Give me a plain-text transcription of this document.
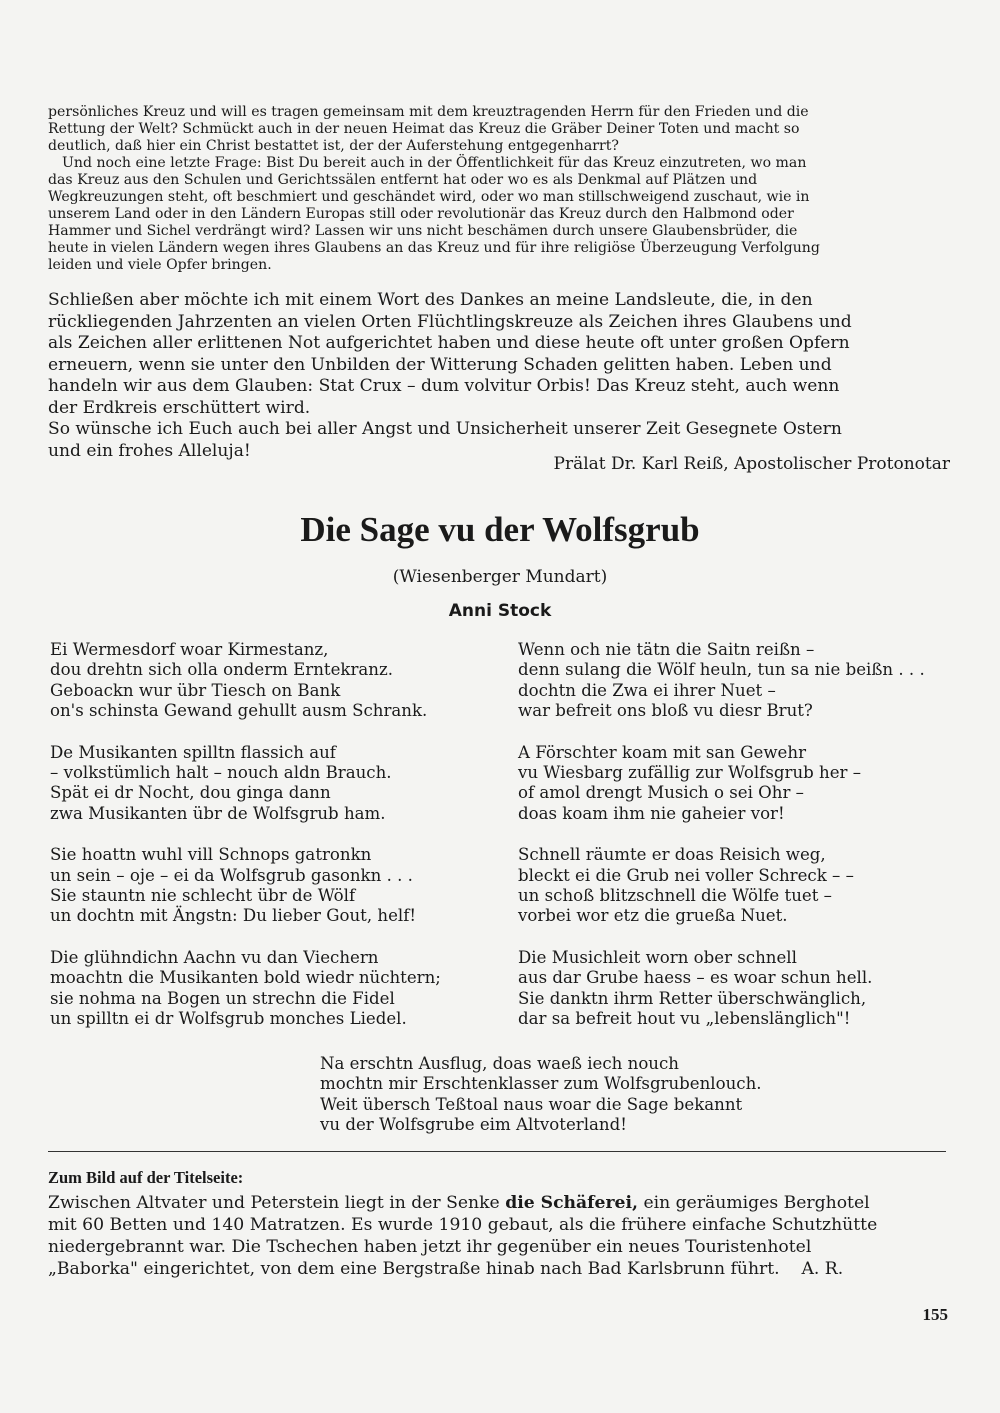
persönliches Kreuz und will es tragen gemeinsam mit dem kreuztragenden Herrn für den Frieden und die
Rettung der Welt? Schmückt auch in der neuen Heimat das Kreuz die Gräber Deiner Toten und macht so
deutlich, daß hier ein Christ bestattet ist, der der Auferstehung entgegenharrt?
Und noch eine letzte Frage: Bist Du bereit auch in der Öffentlichkeit für das Kreuz einzutreten, wo man
das Kreuz aus den Schulen und Gerichtssälen entfernt hat oder wo es als Denkmal auf Plätzen und
Wegkreuzungen steht, oft beschmiert und geschändet wird, oder wo man stillschweigend zuschaut, wie in
unserem Land oder in den Ländern Europas still oder revolutionär das Kreuz durch den Halbmond oder
Hammer und Sichel verdrängt wird? Lassen wir uns nicht beschämen durch unsere Glaubensbrüder, die
heute in vielen Ländern wegen ihres Glaubens an das Kreuz und für ihre religiöse Überzeugung Verfolgung
leiden und viele Opfer bringen.
Schließen aber möchte ich mit einem Wort des Dankes an meine Landsleute, die, in den
rückliegenden Jahrzenten an vielen Orten Flüchtlingskreuze als Zeichen ihres Glaubens und
als Zeichen aller erlittenen Not aufgerichtet haben und diese heute oft unter großen Opfern
erneuern, wenn sie unter den Unbilden der Witterung Schaden gelitten haben. Leben und
handeln wir aus dem Glauben: Stat Crux – dum volvitur Orbis! Das Kreuz steht, auch wenn
der Erdkreis erschüttert wird.
So wünsche ich Euch auch bei aller Angst und Unsicherheit unserer Zeit Gesegnete Ostern
und ein frohes Alleluja!
Prälat Dr. Karl Reiß, Apostolischer Protonotar
Die Sage vu der Wolfsgrub
(Wiesenberger Mundart)
Anni Stock
Ei Wermesdorf woar Kirmestanz,
dou drehtn sich olla onderm Erntekranz.
Geboackn wur übr Tiesch on Bank
on's schinsta Gewand gehullt ausm Schrank.
De Musikanten spilltn flassich auf
– volkstümlich halt – nouch aldn Brauch.
Spät ei dr Nocht, dou ginga dann
zwa Musikanten übr de Wolfsgrub ham.
Sie hoattn wuhl vill Schnops gatronkn
un sein – oje – ei da Wolfsgrub gasonkn . . .
Sie stauntn nie schlecht übr de Wölf
un dochtn mit Ängstn: Du lieber Gout, helf!
Die glühndichn Aachn vu dan Viechern
moachtn die Musikanten bold wiedr nüchtern;
sie nohma na Bogen un strechn die Fidel
un spilltn ei dr Wolfsgrub monches Liedel.
Wenn och nie tätn die Saitn reißn –
denn sulang die Wölf heuln, tun sa nie beißn . . .
dochtn die Zwa ei ihrer Nuet –
war befreit ons bloß vu diesr Brut?
A Förschter koam mit san Gewehr
vu Wiesbarg zufällig zur Wolfsgrub her –
of amol drengt Musich o sei Ohr –
doas koam ihm nie gaheier vor!
Schnell räumte er doas Reisich weg,
bleckt ei die Grub nei voller Schreck – –
un schoß blitzschnell die Wölfe tuet –
vorbei wor etz die grueßa Nuet.
Die Musichleit worn ober schnell
aus dar Grube haess – es woar schun hell.
Sie danktn ihrm Retter überschwänglich,
dar sa befreit hout vu „lebenslänglich"!
Na erschtn Ausflug, doas waeß iech nouch
mochtn mir Erschtenklasser zum Wolfsgrubenlouch.
Weit übersch Teßtoal naus woar die Sage bekannt
vu der Wolfsgrube eim Altvoterland!
Zum Bild auf der Titelseite:
Zwischen Altvater und Peterstein liegt in der Senke die Schäferei, ein geräumiges Berghotel
mit 60 Betten und 140 Matratzen. Es wurde 1910 gebaut, als die frühere einfache Schutzhütte
niedergebrannt war. Die Tschechen haben jetzt ihr gegenüber ein neues Touristenhotel
„Baborka" eingerichtet, von dem eine Bergstraße hinab nach Bad Karlsbrunn führt.    A. R.
155
